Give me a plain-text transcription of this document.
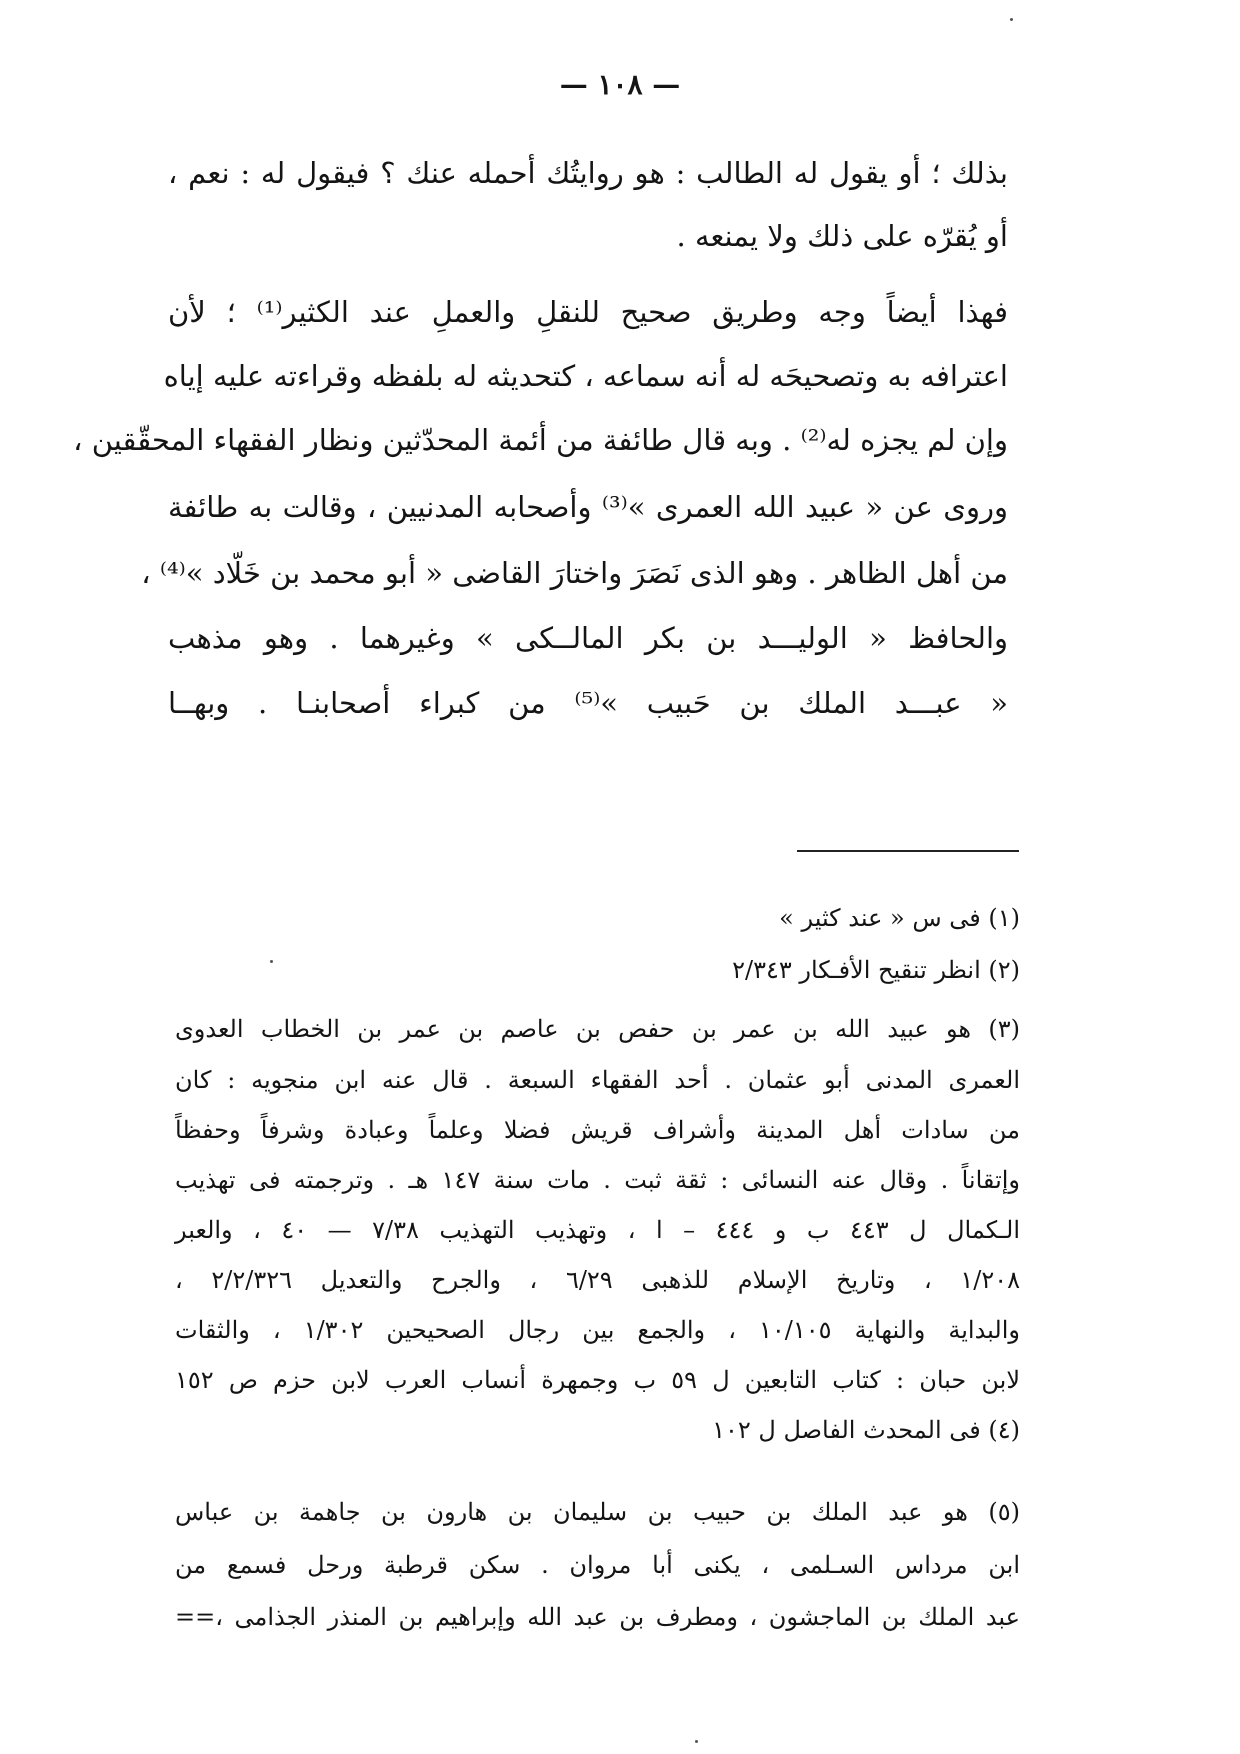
— ١٠٨ —
بذلك ؛ أو يقول له الطالب : هو روايتُك أحمله عنك ؟ فيقول له : نعم ،
أو يُقرّه على ذلك ولا يمنعه .
فهذا أيضاً وجه وطريق صحيح للنقلِ والعملِ عند الكثير⁽¹⁾ ؛ لأن
اعترافه به وتصحيحَه له أنه سماعه ، كتحديثه له بلفظه وقراءته عليه إياه
وإن لم يجزه له⁽²⁾ . وبه قال طائفة من أئمة المحدّثين ونظار الفقهاء المحقّقين ،
وروى عن « عبيد الله العمرى »⁽³⁾ وأصحابه المدنيين ، وقالت به طائفة
من أهل الظاهر . وهو الذى نَصَرَ واختارَ القاضى « أبو محمد بن خَلّاد »⁽⁴⁾ ،
والحافظ « الوليـــد بن بكر المالــكى » وغيرهما . وهو مذهب
« عبـــد الملك بن حَبيب »⁽⁵⁾ من كبراء أصحابنـا . وبهــا
(١) فى س « عند كثير »
(٢) انظر تنقيح الأفـكار ٢/٣٤٣
(٣) هو عبيد الله بن عمر بن حفص بن عاصم بن عمر بن الخطاب العدوى
العمرى المدنى أبو عثمان . أحد الفقهاء السبعة . قال عنه ابن منجويه : كان
من سادات أهل المدينة وأشراف قريش فضلا وعلماً وعبادة وشرفاً وحفظاً
وإتقاناً . وقال عنه النسائى : ثقة ثبت . مات سنة ١٤٧ هـ . وترجمته فى تهذيب
الـكمال ل ٤٤٣ ب و ٤٤٤ – ا ، وتهذيب التهذيب ٧/٣٨ — ٤٠ ، والعبر
١/٢٠٨ ، وتاريخ الإسلام للذهبى ٦/٢٩ ، والجرح والتعديل ٢/٢/٣٢٦ ،
والبداية والنهاية ١٠/١٠٥ ، والجمع بين رجال الصحيحين ١/٣٠٢ ، والثقات
لابن حبان : كتاب التابعين ل ٥٩ ب وجمهرة أنساب العرب لابن حزم ص ١٥٢
(٤) فى المحدث الفاصل ل ١٠٢
(٥) هو عبد الملك بن حبيب بن سليمان بن هارون بن جاهمة بن عباس
ابن مرداس السـلمى ، يكنى أبا مروان . سكن قرطبة ورحل فسمع من
عبد الملك بن الماجشون ، ومطرف بن عبد الله وإبراهيم بن المنذر الجذامى ،==
